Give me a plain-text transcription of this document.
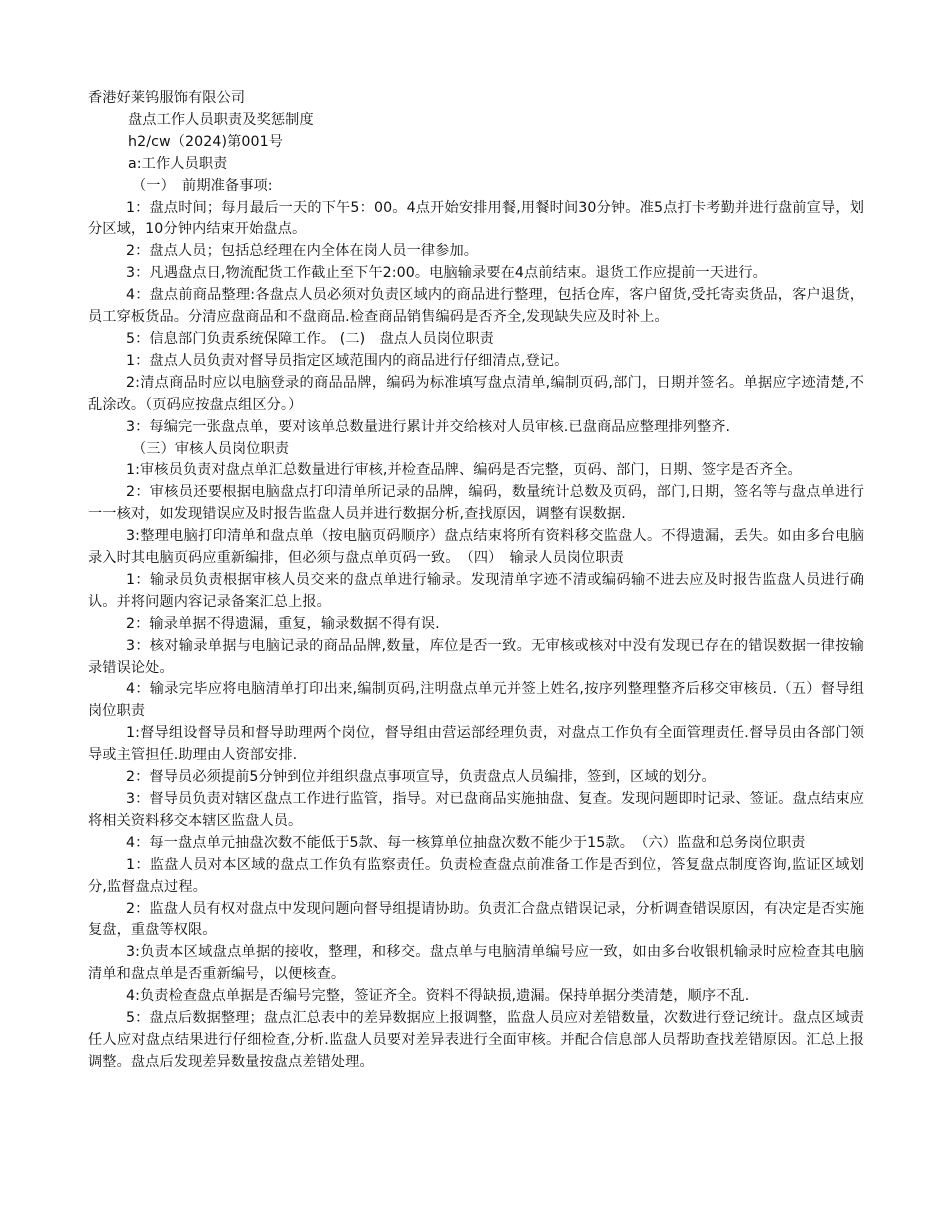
香港好莱钨服饰有限公司

盘点工作人员职责及奖惩制度

h2/cw（2024)第001号

a:工作人员职责

（一）　前期准备事项:

1：盘点时间；每月最后一天的下午5：00。4点开始安排用餐,用餐时间30分钟。准5点打卡考勤并进行盘前宣导，划分区域，10分钟内结束开始盘点。

2：盘点人员；包括总经理在内全体在岗人员一律参加。

3：凡遇盘点日,物流配货工作截止至下午2:00。电脑输录要在4点前结束。退货工作应提前一天进行。

4：盘点前商品整理:各盘点人员必须对负责区域内的商品进行整理，包括仓库，客户留货,受托寄卖货品，客户退货，员工穿板货品。分清应盘商品和不盘商品.检查商品销售编码是否齐全,发现缺失应及时补上。

5：信息部门负责系统保障工作。 (二)　盘点人员岗位职责

1：盘点人员负责对督导员指定区域范围内的商品进行仔细清点,登记。

2:清点商品时应以电脑登录的商品品牌，编码为标准填写盘点清单,编制页码,部门，日期并签名。单据应字迹清楚,不乱涂改。（页码应按盘点组区分。）

3：每编完一张盘点单，要对该单总数量进行累计并交给核对人员审核.已盘商品应整理排列整齐.

（三）审核人员岗位职责

1:审核员负责对盘点单汇总数量进行审核,并检查品牌、编码是否完整，页码、部门，日期、签字是否齐全。

2：审核员还要根据电脑盘点打印清单所记录的品牌，编码，数量统计总数及页码，部门,日期，签名等与盘点单进行一一核对，如发现错误应及时报告监盘人员并进行数据分析,查找原因，调整有误数据.

3:整理电脑打印清单和盘点单（按电脑页码顺序）盘点结束将所有资料移交监盘人。不得遗漏，丢失。如由多台电脑录入时其电脑页码应重新编排，但必须与盘点单页码一致。　（四）　输录人员岗位职责

1：输录员负责根据审核人员交来的盘点单进行输录。发现清单字迹不清或编码输不进去应及时报告监盘人员进行确认。并将问题内容记录备案汇总上报。

2：输录单据不得遗漏，重复，输录数据不得有误.

3：核对输录单据与电脑记录的商品品牌,数量，库位是否一致。无审核或核对中没有发现已存在的错误数据一律按输录错误论处。

4：输录完毕应将电脑清单打印出来,编制页码,注明盘点单元并签上姓名,按序列整理整齐后移交审核员.（五）督导组岗位职责

1:督导组设督导员和督导助理两个岗位，督导组由营运部经理负责，对盘点工作负有全面管理责任.督导员由各部门领导或主管担任.助理由人资部安排.

2：督导员必须提前5分钟到位并组织盘点事项宣导，负责盘点人员编排，签到，区域的划分。

3：督导员负责对辖区盘点工作进行监管，指导。对已盘商品实施抽盘、复查。发现问题即时记录、签证。盘点结束应将相关资料移交本辖区监盘人员。

4：每一盘点单元抽盘次数不能低于5款、每一核算单位抽盘次数不能少于15款。　（六）监盘和总务岗位职责

1：监盘人员对本区域的盘点工作负有监察责任。负责检查盘点前准备工作是否到位，答复盘点制度咨询,监证区域划分,监督盘点过程。

2：监盘人员有权对盘点中发现问题向督导组提请协助。负责汇合盘点错误记录，分析调查错误原因，有决定是否实施复盘，重盘等权限。

3:负责本区域盘点单据的接收，整理，和移交。盘点单与电脑清单编号应一致，如由多台收银机输录时应检查其电脑清单和盘点单是否重新编号，以便核查。

4:负责检查盘点单据是否编号完整，签证齐全。资料不得缺损,遗漏。保持单据分类清楚，顺序不乱.

5：盘点后数据整理；盘点汇总表中的差异数据应上报调整，监盘人员应对差错数量，次数进行登记统计。盘点区域责任人应对盘点结果进行仔细检查,分析.监盘人员要对差异表进行全面审核。并配合信息部人员帮助查找差错原因。汇总上报调整。盘点后发现差异数量按盘点差错处理。
